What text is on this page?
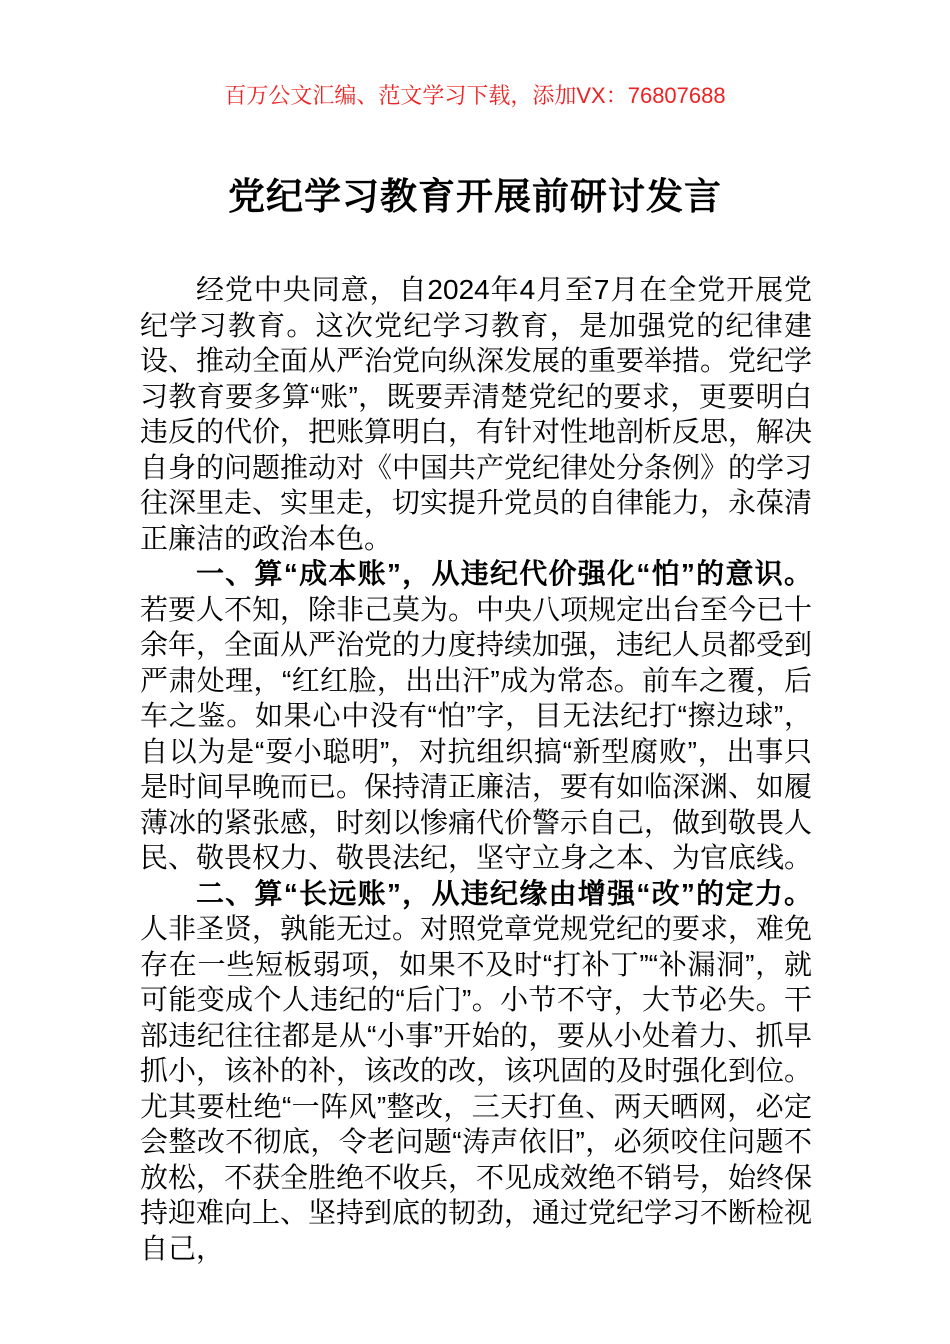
百万公文汇编、范文学习下载，添加VX：76807688
党纪学习教育开展前研讨发言

经党中央同意，自2024年4月至7月在全党开展党纪学习教育。这次党纪学习教育，是加强党的纪律建设、推动全面从严治党向纵深发展的重要举措。党纪学习教育要多算“账”，既要弄清楚党纪的要求，更要明白违反的代价，把账算明白，有针对性地剖析反思，解决自身的问题推动对《中国共产党纪律处分条例》的学习往深里走、实里走，切实提升党员的自律能力，永葆清正廉洁的政治本色。

一、算“成本账”，从违纪代价强化“怕”的意识。若要人不知，除非己莫为。中央八项规定出台至今已十余年，全面从严治党的力度持续加强，违纪人员都受到严肃处理，“红红脸，出出汗”成为常态。前车之覆，后车之鉴。如果心中没有“怕”字，目无法纪打“擦边球”，自以为是“耍小聪明”，对抗组织搞“新型腐败”，出事只是时间早晚而已。保持清正廉洁，要有如临深渊、如履薄冰的紧张感，时刻以惨痛代价警示自己，做到敬畏人民、敬畏权力、敬畏法纪，坚守立身之本、为官底线。

二、算“长远账”，从违纪缘由增强“改”的定力。人非圣贤，孰能无过。对照党章党规党纪的要求，难免存在一些短板弱项，如果不及时“打补丁”“补漏洞”，就可能变成个人违纪的“后门”。小节不守，大节必失。干部违纪往往都是从“小事”开始的，要从小处着力、抓早抓小，该补的补，该改的改，该巩固的及时强化到位。尤其要杜绝“一阵风”整改，三天打鱼、两天晒网，必定会整改不彻底，令老问题“涛声依旧”，必须咬住问题不放松，不获全胜绝不收兵，不见成效绝不销号，始终保持迎难向上、坚持到底的韧劲，通过党纪学习不断检视自己，
